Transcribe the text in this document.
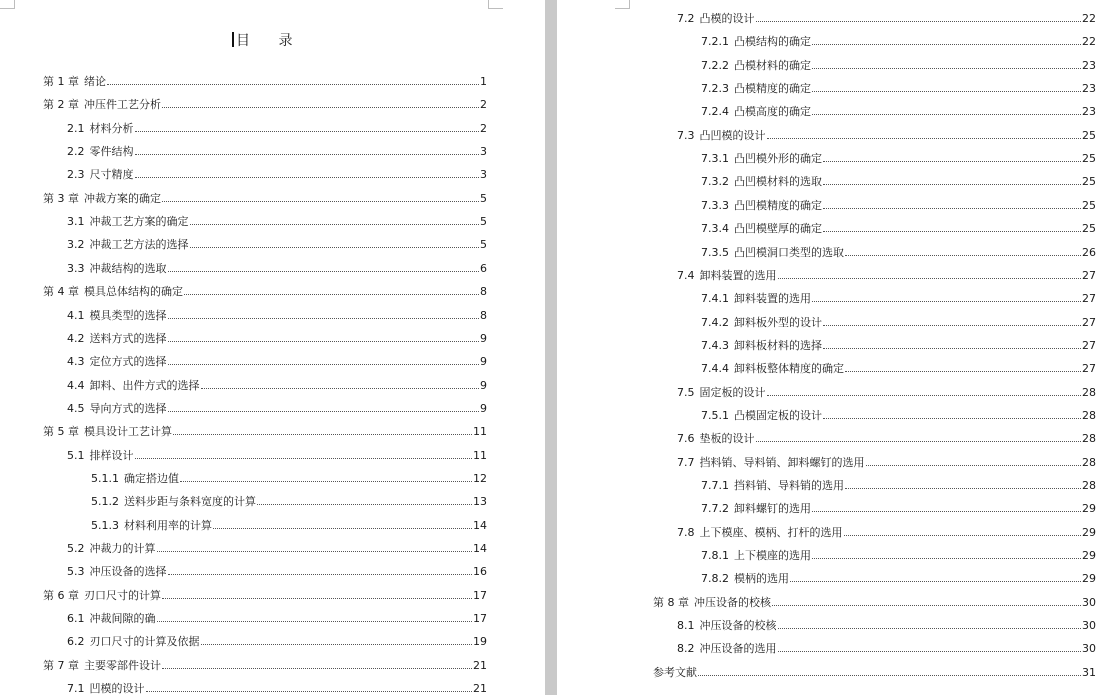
目 录
第 1 章 绪论	1
第 2 章 冲压件工艺分析	2
2.1 材料分析	2
2.2 零件结构	3
2.3 尺寸精度	3
第 3 章 冲裁方案的确定	5
3.1 冲裁工艺方案的确定	5
3.2 冲裁工艺方法的选择	5
3.3 冲裁结构的选取	6
第 4 章 模具总体结构的确定	8
4.1 模具类型的选择	8
4.2 送料方式的选择	9
4.3 定位方式的选择	9
4.4 卸料、出件方式的选择	9
4.5 导向方式的选择	9
第 5 章 模具设计工艺计算	11
5.1 排样设计	11
5.1.1 确定搭边值	12
5.1.2 送料步距与条料宽度的计算	13
5.1.3 材料利用率的计算	14
5.2 冲裁力的计算	14
5.3 冲压设备的选择	16
第 6 章 刃口尺寸的计算	17
6.1 冲裁间隙的确	17
6.2 刃口尺寸的计算及依据	19
第 7 章 主要零部件设计	21
7.1 凹模的设计	21
7.2 凸模的设计	22
7.2.1 凸模结构的确定	22
7.2.2 凸模材料的确定	23
7.2.3 凸模精度的确定	23
7.2.4 凸模高度的确定	23
7.3 凸凹模的设计	25
7.3.1 凸凹模外形的确定	25
7.3.2 凸凹模材料的选取	25
7.3.3 凸凹模精度的确定	25
7.3.4 凸凹模壁厚的确定	25
7.3.5 凸凹模洞口类型的选取	26
7.4 卸料装置的选用	27
7.4.1 卸料装置的选用	27
7.4.2 卸料板外型的设计	27
7.4.3 卸料板材料的选择	27
7.4.4 卸料板整体精度的确定	27
7.5 固定板的设计	28
7.5.1 凸模固定板的设计	28
7.6 垫板的设计	28
7.7 挡料销、导料销、卸料螺钉的选用	28
7.7.1 挡料销、导料销的选用	28
7.7.2 卸料螺钉的选用	29
7.8 上下模座、模柄、打杆的选用	29
7.8.1 上下模座的选用	29
7.8.2 模柄的选用	29
第 8 章 冲压设备的校核	30
8.1 冲压设备的校核	30
8.2 冲压设备的选用	30
参考文献	31
